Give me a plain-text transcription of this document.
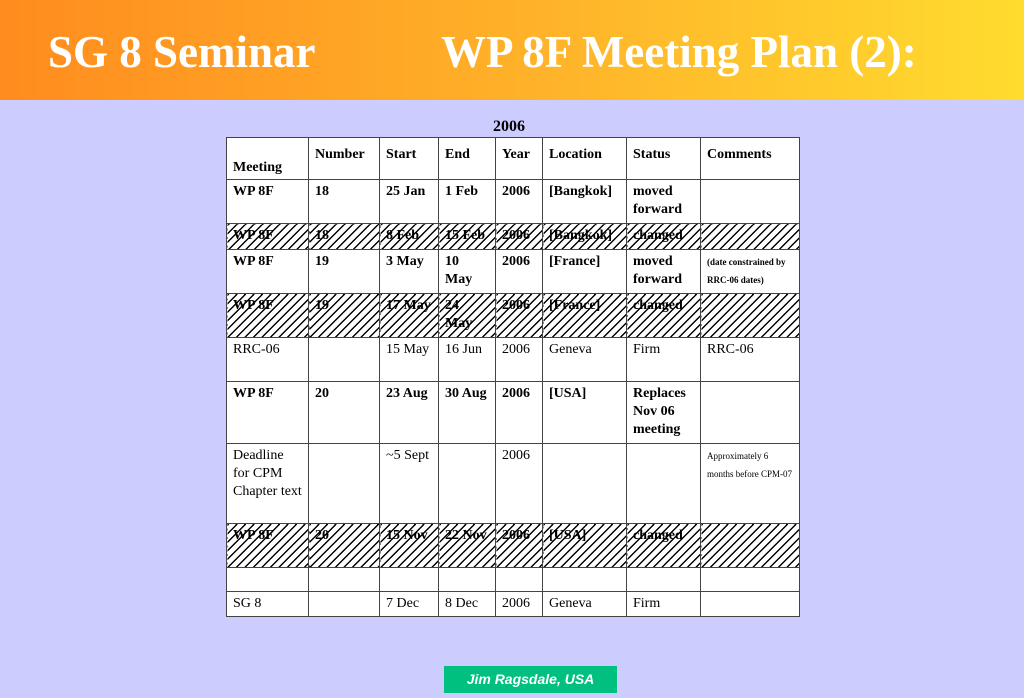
SG 8 Seminar	WP 8F Meeting Plan (2):
2006
Meeting	Number	Start	End	Year	Location	Status	Comments
WP 8F	18	25 Jan	1 Feb	2006	[Bangkok]	moved forward	
WP 8F	18	8 Feb	15 Feb	2006	[Bangkok]	changed	
WP 8F	19	3 May	10 May	2006	[France]	moved forward	(date constrained by RRC-06 dates)
WP 8F	19	17 May	24 May	2006	[France]	changed	
RRC-06		15 May	16 Jun	2006	Geneva	Firm	RRC-06
WP 8F	20	23 Aug	30 Aug	2006	[USA]	Replaces Nov 06 meeting	
Deadline for CPM Chapter text		~5 Sept		2006			Approximately 6 months before CPM-07
WP 8F	20	15 Nov	22 Nov	2006	[USA]	changed	

SG 8		7 Dec	8 Dec	2006	Geneva	Firm	
Jim Ragsdale, USA
